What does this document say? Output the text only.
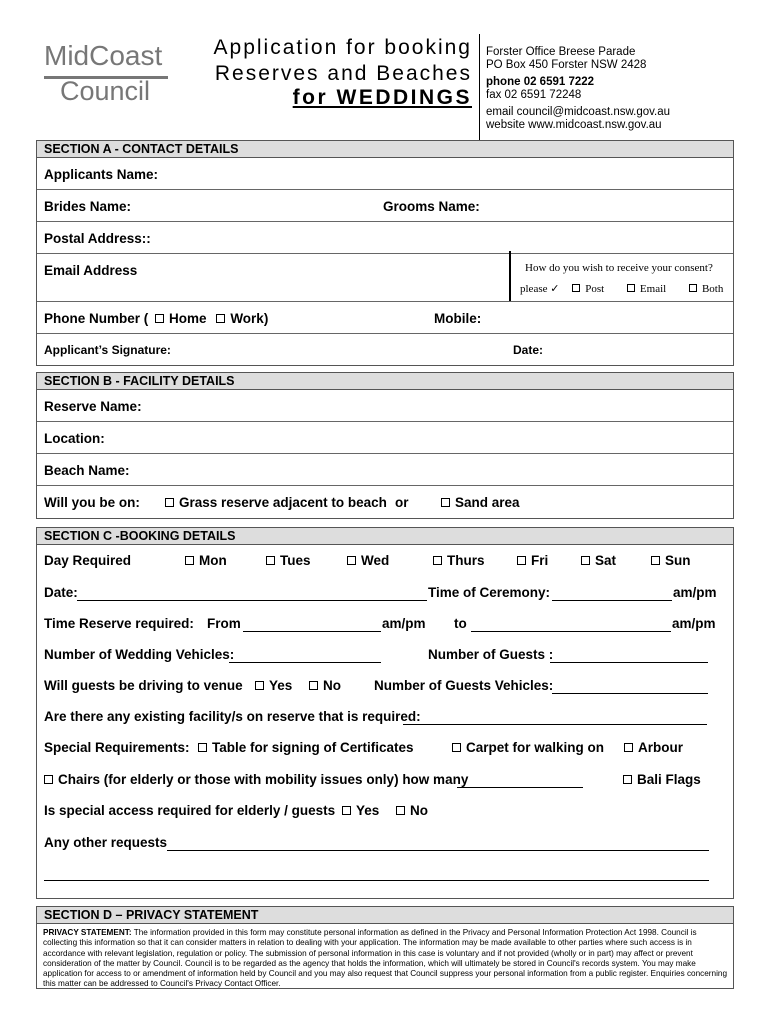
MidCoast
Council
Application for booking
Reserves and Beaches
for WEDDINGS
Forster Office Breese Parade
PO Box 450 Forster NSW 2428
phone 02 6591 7222
fax 02 6591 72248
email council@midcoast.nsw.gov.au
website www.midcoast.nsw.gov.au
SECTION A - CONTACT DETAILS
Applicants Name:
Brides Name:	Grooms Name:
Postal Address::
Email Address	How do you wish to receive your consent?
please ✓ Post	Email	Both
Phone Number ( Home Work)	Mobile:
Applicant’s Signature:	Date:
SECTION B - FACILITY DETAILS
Reserve Name:
Location:
Beach Name:
Will you be on:	Grass reserve adjacent to beach or	Sand area
SECTION C -BOOKING DETAILS
Day Required	Mon	Tues	Wed	Thurs	Fri	Sat	Sun
Date:	Time of Ceremony:	am/pm
Time Reserve required: From	am/pm to	am/pm
Number of Wedding Vehicles:	Number of Guests :
Will guests be driving to venue	Yes	No Number of Guests Vehicles:
Are there any existing facility/s on reserve that is required:
Special Requirements:	Table for signing of Certificates	Carpet for walking on	Arbour
Chairs (for elderly or those with mobility issues only) how many	Bali Flags
Is special access required for elderly / guests	Yes	No
Any other requests
SECTION D – PRIVACY STATEMENT
PRIVACY STATEMENT: The information provided in this form may constitute personal information as defined in the Privacy and Personal Information Protection Act 1998. Council is collecting this information so that it can consider matters in relation to dealing with your application. The information may be made available to other parties where such access is in accordance with relevant legislation, regulation or policy. The submission of personal information in this case is voluntary and if not provided (wholly or in part) may affect or prevent consideration of the matter by Council. Council is to be regarded as the agency that holds the information, which will ultimately be stored in Council's records system. You may make application for access to or amendment of information held by Council and you may also request that Council suppress your personal information from a public register. Enquiries concerning this matter can be addressed to Council's Privacy Contact Officer.
